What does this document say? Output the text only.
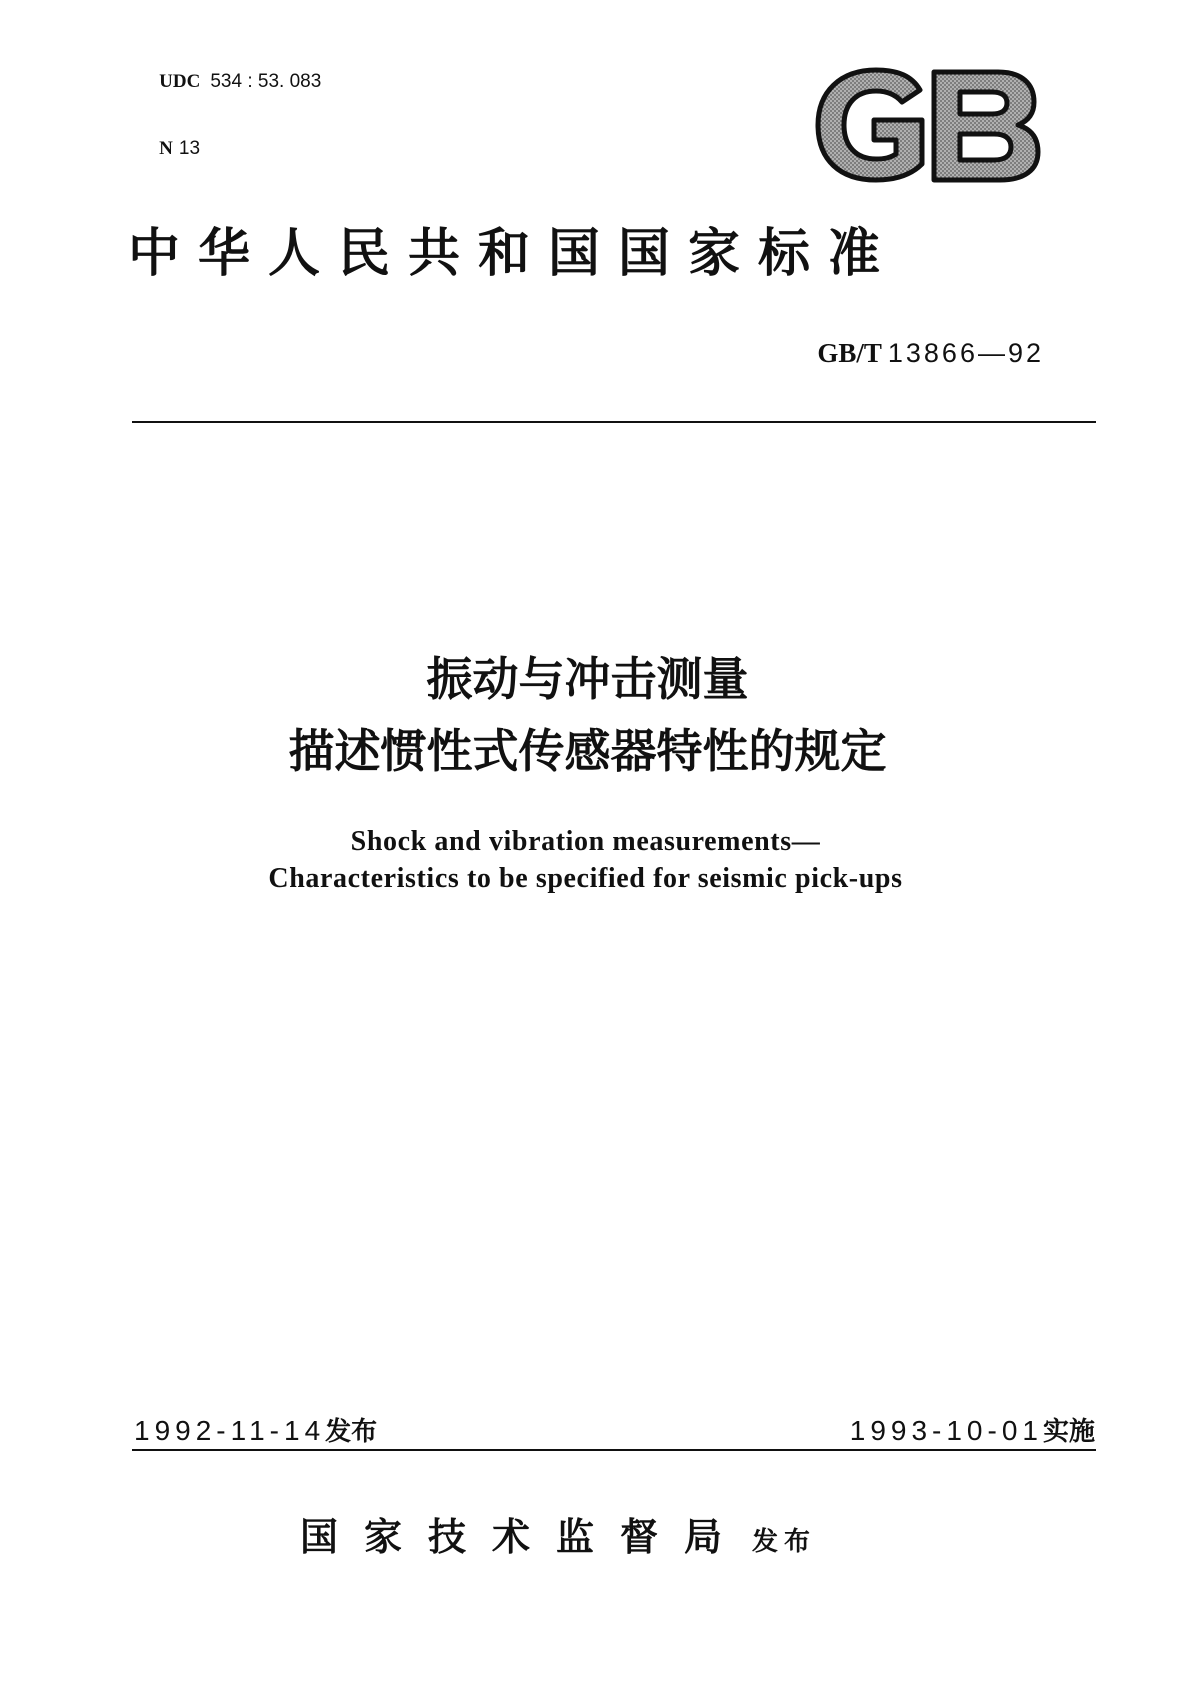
UDC 534 : 53. 083

N 13

中华人民共和国国家标准
GB/T 13866—92
振动与冲击测量
描述惯性式传感器特性的规定
Shock and vibration measurements—
Characteristics to be specified for seismic pick-ups
1992-11-14发布	1993-10-01实施
国家技术监督局 发布
